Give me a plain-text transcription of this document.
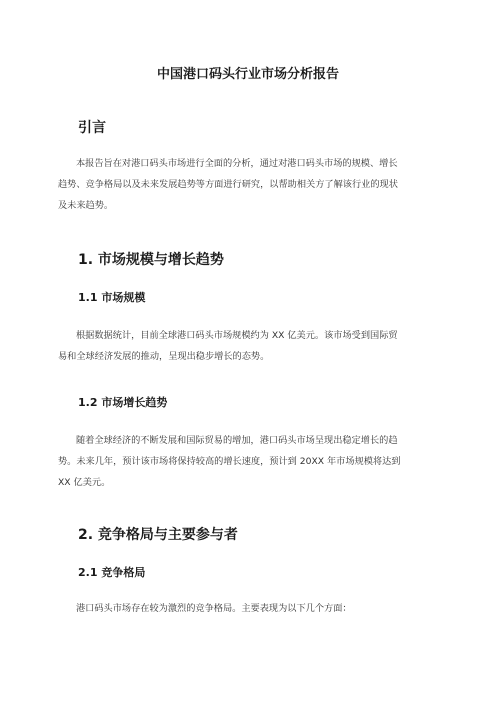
中国港口码头行业市场分析报告
引言
本报告旨在对港口码头市场进行全面的分析，通过对港口码头市场的规模、增长
趋势、竞争格局以及未来发展趋势等方面进行研究，以帮助相关方了解该行业的现状
及未来趋势。
1. 市场规模与增长趋势
1.1 市场规模
根据数据统计，目前全球港口码头市场规模约为 XX 亿美元。该市场受到国际贸
易和全球经济发展的推动，呈现出稳步增长的态势。
1.2 市场增长趋势
随着全球经济的不断发展和国际贸易的增加，港口码头市场呈现出稳定增长的趋
势。未来几年，预计该市场将保持较高的增长速度，预计到 20XX 年市场规模将达到
XX 亿美元。
2. 竞争格局与主要参与者
2.1 竞争格局
港口码头市场存在较为激烈的竞争格局。主要表现为以下几个方面：
